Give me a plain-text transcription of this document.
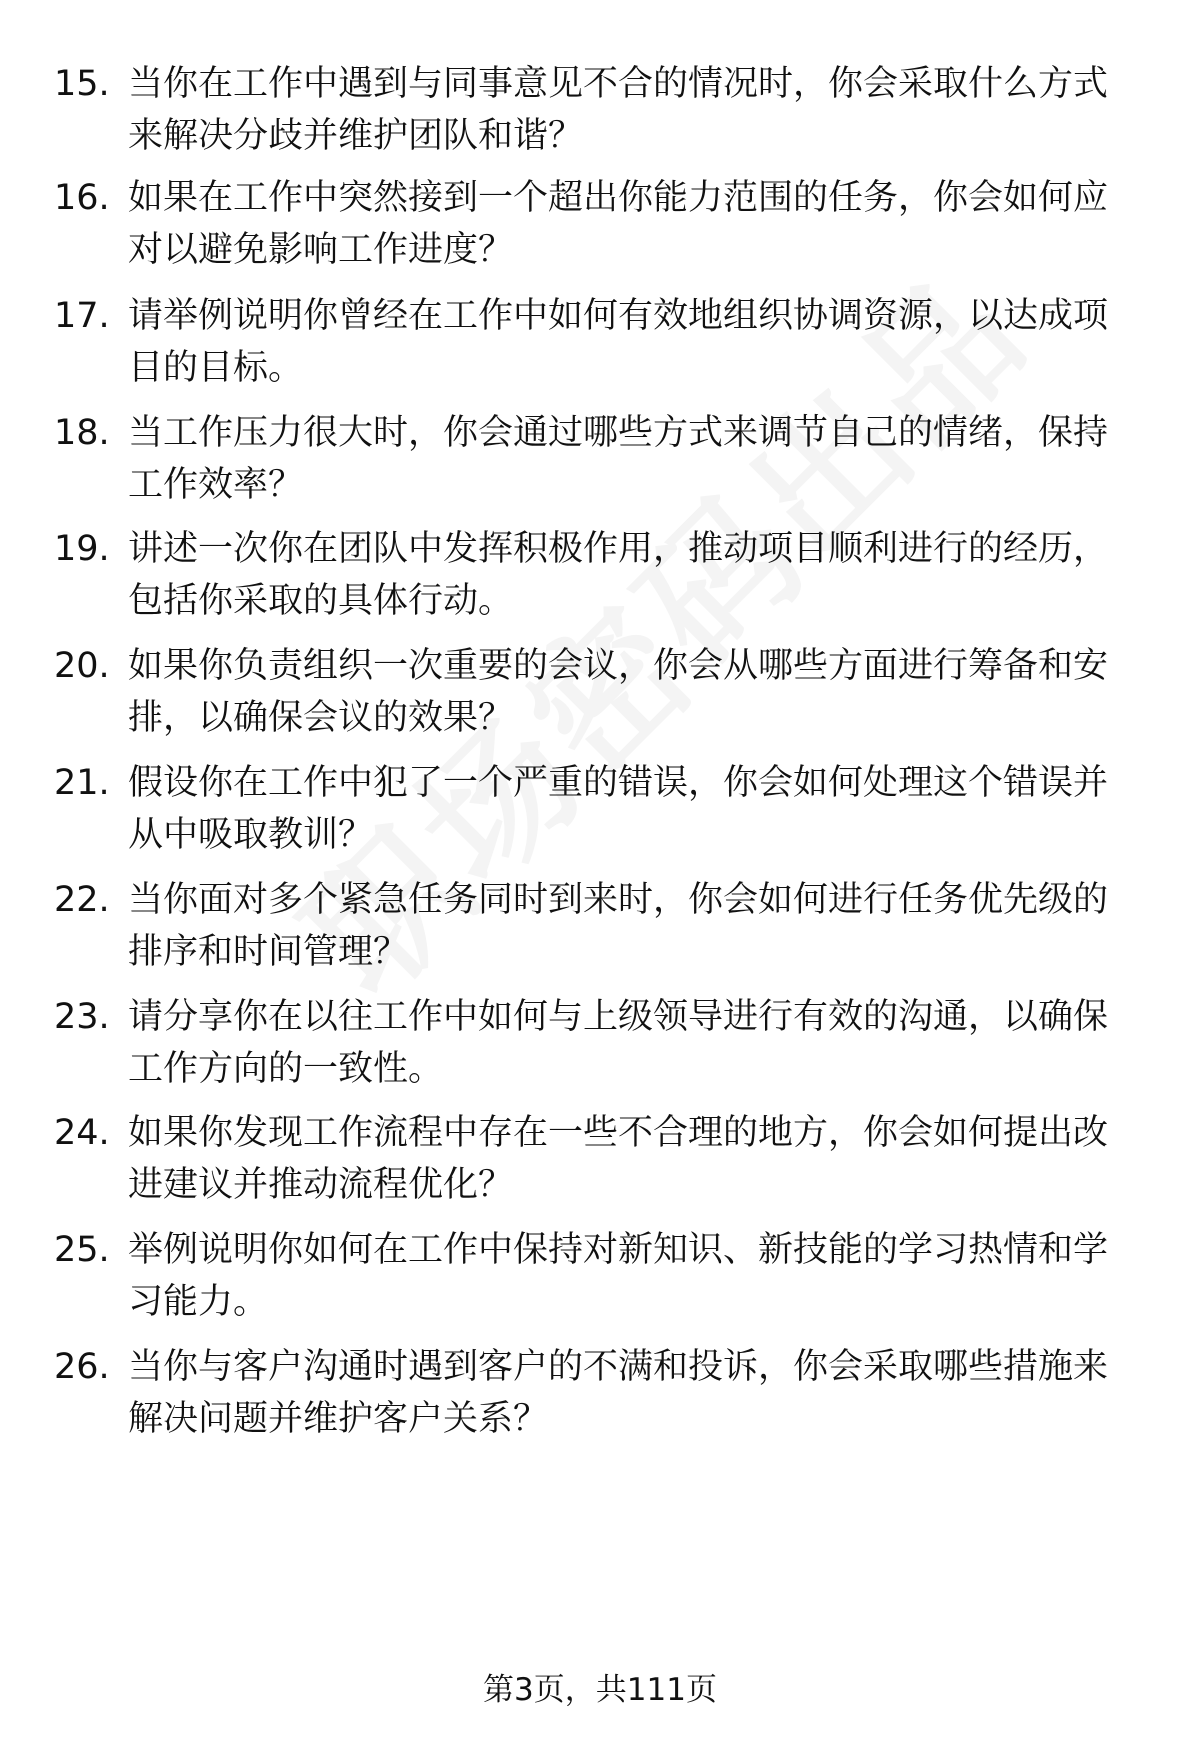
15. 当你在工作中遇到与同事意见不合的情况时，你会采取什么方式来解决分歧并维护团队和谐？
16. 如果在工作中突然接到一个超出你能力范围的任务，你会如何应对以避免影响工作进度？
17. 请举例说明你曾经在工作中如何有效地组织协调资源，以达成项目的目标。
18. 当工作压力很大时，你会通过哪些方式来调节自己的情绪，保持工作效率？
19. 讲述一次你在团队中发挥积极作用，推动项目顺利进行的经历，包括你采取的具体行动。
20. 如果你负责组织一次重要的会议，你会从哪些方面进行筹备和安排，以确保会议的效果？
21. 假设你在工作中犯了一个严重的错误，你会如何处理这个错误并从中吸取教训？
22. 当你面对多个紧急任务同时到来时，你会如何进行任务优先级的排序和时间管理？
23. 请分享你在以往工作中如何与上级领导进行有效的沟通，以确保工作方向的一致性。
24. 如果你发现工作流程中存在一些不合理的地方，你会如何提出改进建议并推动流程优化？
25. 举例说明你如何在工作中保持对新知识、新技能的学习热情和学习能力。
26. 当你与客户沟通时遇到客户的不满和投诉，你会采取哪些措施来解决问题并维护客户关系？
第3页，共111页
